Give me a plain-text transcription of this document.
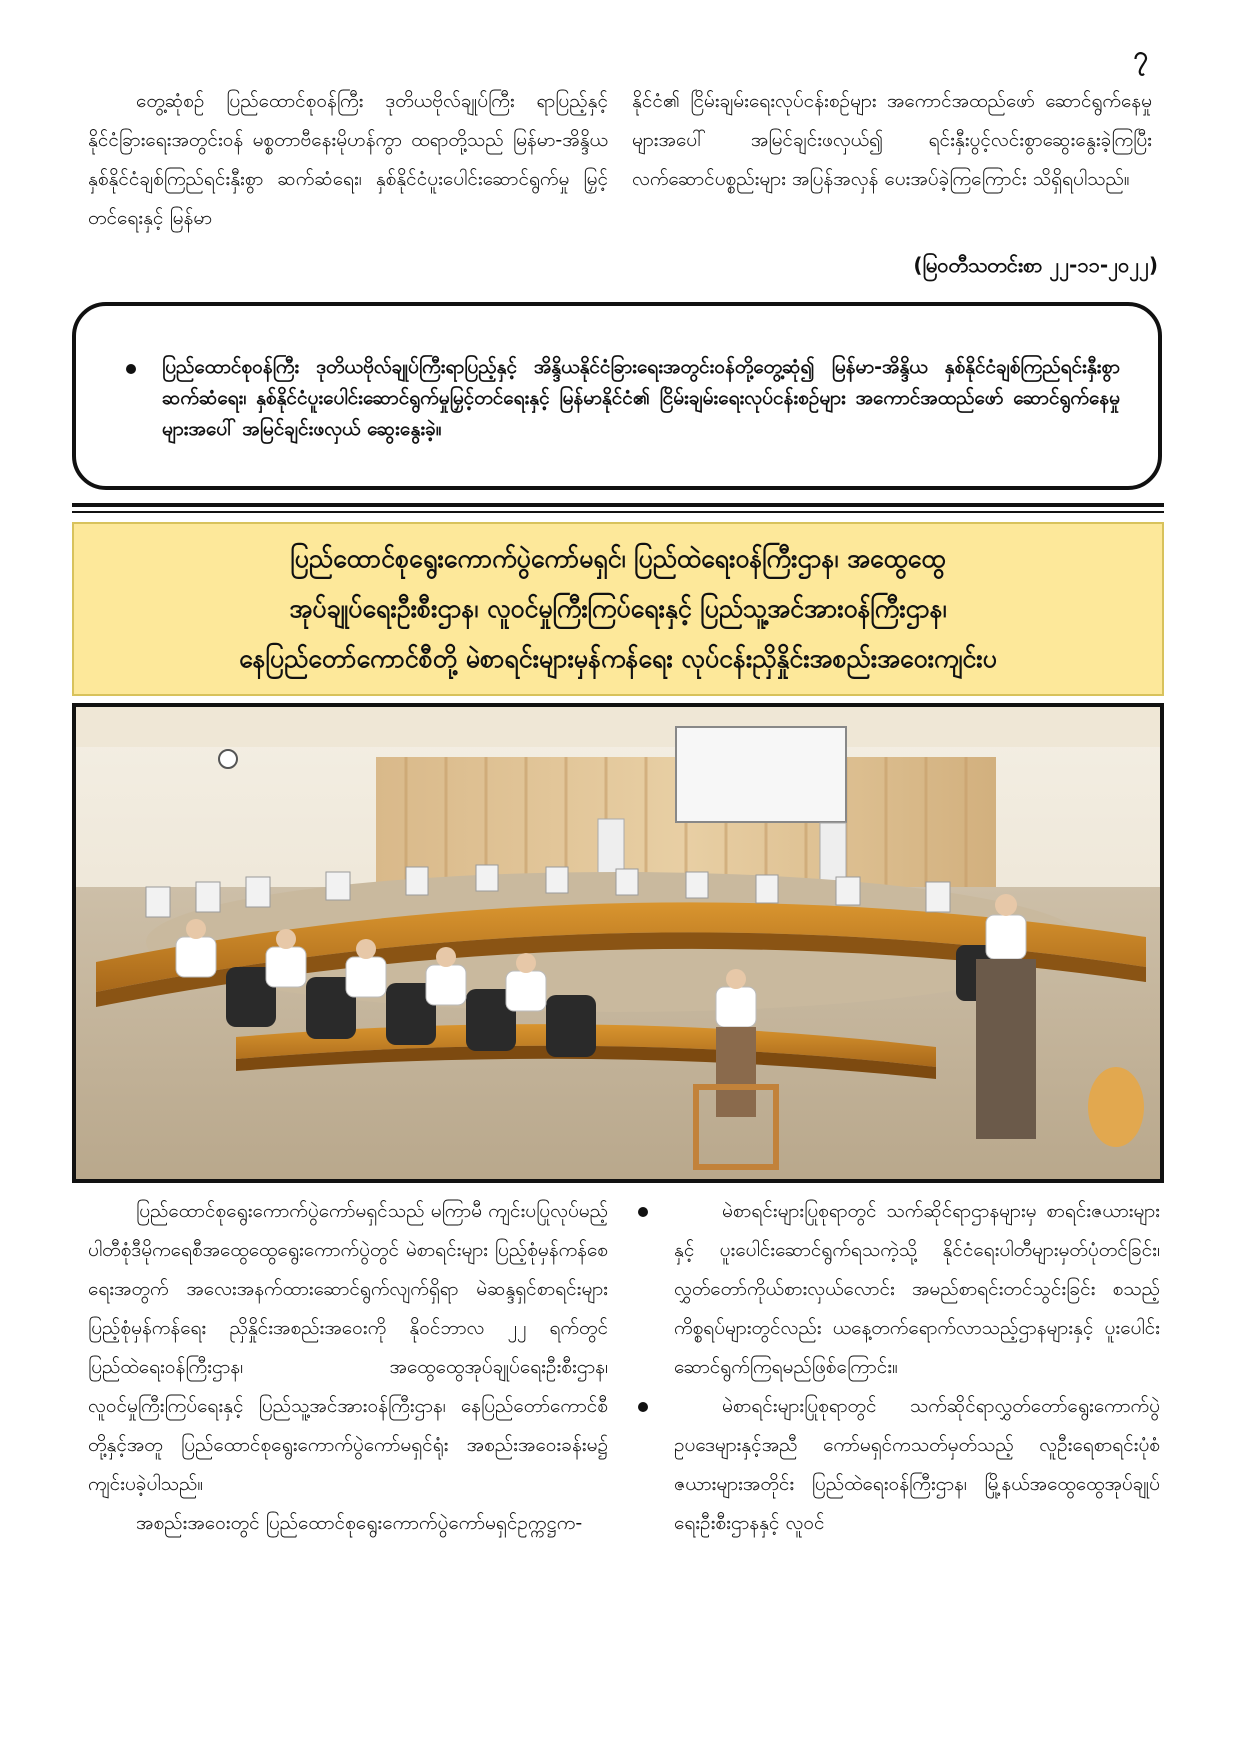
၇

တွေ့ဆုံစဉ် ပြည်ထောင်စုဝန်ကြီး ဒုတိယဗိုလ်ချုပ်ကြီး ရာပြည့်နှင့် နိုင်ငံခြားရေးအတွင်းဝန် မစ္စတာဗီနေးမိုဟန်ကွာ ထရာတို့သည် မြန်မာ-အိန္ဒိယ နှစ်နိုင်ငံချစ်ကြည်ရင်းနှီးစွာ ဆက်ဆံရေး၊ နှစ်နိုင်ငံပူးပေါင်းဆောင်ရွက်မှု မြှင့်တင်ရေးနှင့် မြန်မာ

နိုင်ငံ၏ ငြိမ်းချမ်းရေးလုပ်ငန်းစဉ်များ အကောင်အထည်ဖော် ဆောင်ရွက်နေမှုများအပေါ် အမြင်ချင်းဖလှယ်၍ ရင်းနှီးပွင့်လင်းစွာဆွေးနွေးခဲ့ကြပြီး လက်ဆောင်ပစ္စည်းများ အပြန်အလှန် ပေးအပ်ခဲ့ကြကြောင်း သိရှိရပါသည်။

(မြဝတီသတင်းစာ ၂၂-၁၁-၂၀၂၂)
ပြည်ထောင်စုဝန်ကြီး ဒုတိယဗိုလ်ချုပ်ကြီးရာပြည့်နှင့် အိန္ဒိယနိုင်ငံခြားရေးအတွင်းဝန်တို့တွေ့ဆုံ၍ မြန်မာ-အိန္ဒိယ နှစ်နိုင်ငံချစ်ကြည်ရင်းနှီးစွာဆက်ဆံရေး၊ နှစ်နိုင်ငံပူးပေါင်းဆောင်ရွက်မှုမြှင့်တင်ရေးနှင့် မြန်မာနိုင်ငံ၏ ငြိမ်းချမ်းရေးလုပ်ငန်းစဉ်များ အကောင်အထည်ဖော် ဆောင်ရွက်နေမှုများအပေါ် အမြင်ချင်းဖလှယ် ဆွေးနွေးခဲ့။
ပြည်ထောင်စုရွေးကောက်ပွဲကော်မရှင်၊ ပြည်ထဲရေးဝန်ကြီးဌာန၊ အထွေထွေ
အုပ်ချုပ်ရေးဦးစီးဌာန၊ လူဝင်မှုကြီးကြပ်ရေးနှင့် ပြည်သူ့အင်အားဝန်ကြီးဌာန၊
နေပြည်တော်ကောင်စီတို့ မဲစာရင်းများမှန်ကန်ရေး လုပ်ငန်းညှိနှိုင်းအစည်းအဝေးကျင်းပ

ပြည်ထောင်စုရွေးကောက်ပွဲကော်မရှင်သည် မကြာမီ ကျင်းပပြုလုပ်မည့် ပါတီစုံဒီမိုကရေစီအထွေထွေရွေးကောက်ပွဲတွင် မဲစာရင်းများ ပြည့်စုံမှန်ကန်စေရေးအတွက် အလေးအနက်ထားဆောင်ရွက်လျက်ရှိရာ မဲဆန္ဒရှင်စာရင်းများပြည့်စုံမှန်ကန်ရေး ညှိနှိုင်းအစည်းအဝေးကို နိုဝင်ဘာလ ၂၂ ရက်တွင် ပြည်ထဲရေးဝန်ကြီးဌာန၊ အထွေထွေအုပ်ချုပ်ရေးဦးစီးဌာန၊ လူဝင်မှုကြီးကြပ်ရေးနှင့် ပြည်သူ့အင်အားဝန်ကြီးဌာန၊ နေပြည်တော်ကောင်စီတို့နှင့်အတူ ပြည်ထောင်စုရွေးကောက်ပွဲကော်မရှင်ရုံး အစည်းအဝေးခန်းမ၌ ကျင်းပခဲ့ပါသည်။

အစည်းအဝေးတွင် ပြည်ထောင်စုရွေးကောက်ပွဲကော်မရှင်ဥက္ကဋ္ဌက-

မဲစာရင်းများပြုစုရာတွင် သက်ဆိုင်ရာဌာနများမှ စာရင်းဇယားများနှင့် ပူးပေါင်းဆောင်ရွက်ရသကဲ့သို့ နိုင်ငံရေးပါတီများမှတ်ပုံတင်ခြင်း၊ လွှတ်တော်ကိုယ်စားလှယ်လောင်း အမည်စာရင်းတင်သွင်းခြင်း စသည့်ကိစ္စရပ်များတွင်လည်း ယနေ့တက်ရောက်လာသည့်ဌာနများနှင့် ပူးပေါင်းဆောင်ရွက်ကြရမည်ဖြစ်ကြောင်း။

မဲစာရင်းများပြုစုရာတွင် သက်ဆိုင်ရာလွှတ်တော်ရွေးကောက်ပွဲဥပဒေများနှင့်အညီ ကော်မရှင်ကသတ်မှတ်သည့် လူဦးရေစာရင်းပုံစံဇယားများအတိုင်း ပြည်ထဲရေးဝန်ကြီးဌာန၊ မြို့နယ်အထွေထွေအုပ်ချုပ်ရေးဦးစီးဌာနနှင့် လူဝင်
